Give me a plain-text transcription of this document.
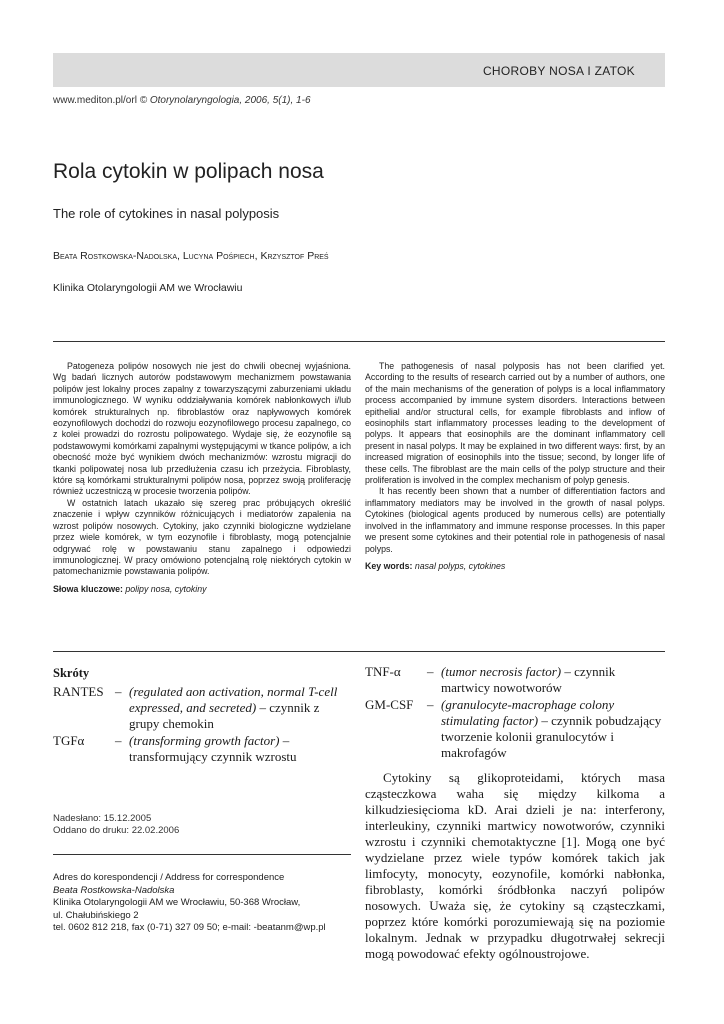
CHOROBY NOSA I ZATOK
www.mediton.pl/orl © Otorynolaryngologia, 2006, 5(1), 1-6
Rola cytokin w polipach nosa
The role of cytokines in nasal polyposis
Beata Rostkowska-Nadolska, Lucyna Pośpiech, Krzysztof Preś
Klinika Otolaryngologii AM we Wrocławiu

Patogeneza polipów nosowych nie jest do chwili obecnej wyjaśniona. Wg badań licznych autorów podstawowym mechanizmem powstawania polipów jest lokalny proces zapalny z towarzyszącymi zaburzeniami układu immunologicznego. W wyniku oddziaływania komórek nabłonkowych i/lub komórek strukturalnych np. fibroblastów oraz napływowych komórek eozynofilowych dochodzi do rozwoju eozynofilowego procesu zapalnego, co z kolei prowadzi do rozrostu polipowatego. Wydaje się, że eozynofile są podstawowymi komórkami zapalnymi występującymi w tkance polipów, a ich obecność może być wynikiem dwóch mechanizmów: wzrostu migracji do tkanki polipowatej nosa lub przedłużenia czasu ich przeżycia. Fibroblasty, które są komórkami strukturalnymi polipów nosa, poprzez swoją proliferację również uczestniczą w procesie tworzenia polipów.

W ostatnich latach ukazało się szereg prac próbujących określić znaczenie i wpływ czynników różnicujących i mediatorów zapalenia na wzrost polipów nosowych. Cytokiny, jako czynniki biologiczne wydzielane przez wiele komórek, w tym eozynofile i fibroblasty, mogą potencjalnie odgrywać rolę w powstawaniu stanu zapalnego i odpowiedzi immunologicznej. W pracy omówiono potencjalną rolę niektórych cytokin w patomechanizmie powstawania polipów.

Słowa kluczowe: polipy nosa, cytokiny

The pathogenesis of nasal polyposis has not been clarified yet. According to the results of research carried out by a number of authors, one of the main mechanisms of the generation of polyps is a local inflammatory process accompanied by immune system disorders. Interactions between epithelial and/or structural cells, for example fibroblasts and inflow of eosinophils start inflammatory processes leading to the development of polyps. It appears that eosinophils are the dominant inflammatory cell present in nasal polyps. It may be explained in two different ways: first, by an increased migration of eosinophils into the tissue; second, by longer life of these cells. The fibroblast are the main cells of the polyp structure and their proliferation is involved in the complex mechanism of polyp genesis.

It has recently been shown that a number of differentiation factors and inflammatory mediators may be involved in the growth of nasal polyps. Cytokines (biological agents produced by numerous cells) are potentially involved in the inflammatory and immune response processes. In this paper we present some cytokines and their potential role in pathogenesis of nasal polyps.

Key words: nasal polyps, cytokines
Skróty
RANTES – (regulated aon activation, normal T-cell expressed, and secreted) – czynnik z grupy chemokin
TGFα	– (transforming growth factor) – transformujący czynnik wzrostu
TNF-α	– (tumor necrosis factor) – czynnik martwicy nowotworów
GM-CSF	– (granulocyte-macrophage colony stimulating factor) – czynnik pobudzający tworzenie kolonii granulocytów i makrofagów
Nadesłano: 15.12.2005
Oddano do druku: 22.02.2006
Adres do korespondencji / Address for correspondence
Beata Rostkowska-Nadolska
Klinika Otolaryngologii AM we Wrocławiu, 50-368 Wrocław,
ul. Chałubińskiego 2
tel. 0602 812 218, fax (0-71) 327 09 50; e-mail: -beatanm@wp.pl
Cytokiny są glikoproteidami, których masa cząsteczkowa waha się między kilkoma a kilkudziesięcioma kD. Arai dzieli je na: interferony, interleukiny, czynniki martwicy nowotworów, czynniki wzrostu i czynniki chemotaktyczne [1]. Mogą one być wydzielane przez wiele typów komórek takich jak limfocyty, monocyty, eozynofile, komórki nabłonka, fibroblasty, komórki śródbłonka naczyń polipów nosowych. Uważa się, że cytokiny są cząsteczkami, poprzez które komórki porozumiewają się na poziomie lokalnym. Jednak w przypadku długotrwałej sekrecji mogą powodować efekty ogólnoustrojowe.
